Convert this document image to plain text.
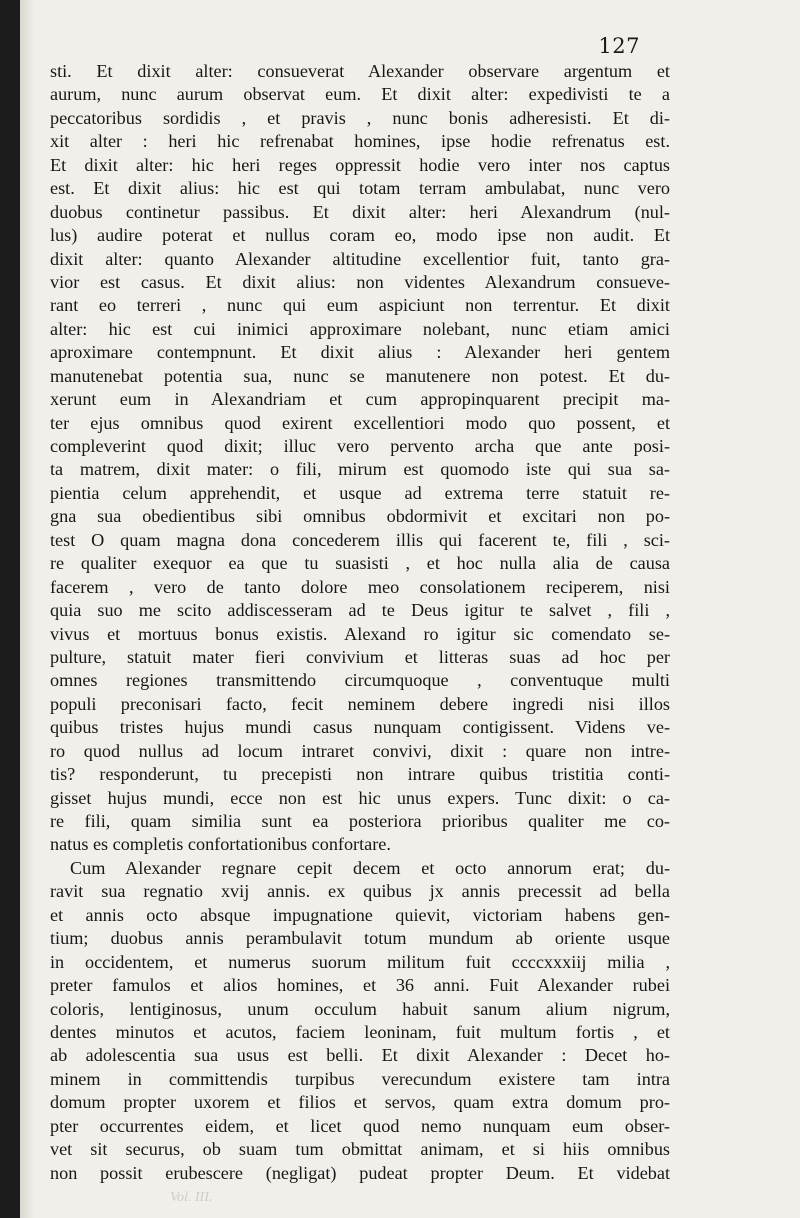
127
sti. Et dixit alter: consueverat Alexander observare argentum et
aurum, nunc aurum observat eum. Et dixit alter: expedivisti te a
peccatoribus sordidis , et pravis , nunc bonis adheresisti. Et di-
xit alter : heri hic refrenabat homines, ipse hodie refrenatus est.
Et dixit alter: hic heri reges oppressit hodie vero inter nos captus
est. Et dixit alius: hic est qui totam terram ambulabat, nunc vero
duobus continetur passibus. Et dixit alter: heri Alexandrum (nul-
lus) audire poterat et nullus coram eo, modo ipse non audit. Et
dixit alter: quanto Alexander altitudine excellentior fuit, tanto gra-
vior est casus. Et dixit alius: non videntes Alexandrum consueve-
rant eo terreri , nunc qui eum aspiciunt non terrentur. Et dixit
alter: hic est cui inimici approximare nolebant, nunc etiam amici
aproximare contempnunt. Et dixit alius : Alexander heri gentem
manutenebat potentia sua, nunc se manutenere non potest. Et du-
xerunt eum in Alexandriam et cum appropinquarent precipit ma-
ter ejus omnibus quod exirent excellentiori modo quo possent, et
compleverint quod dixit; illuc vero pervento archa que ante posi-
ta matrem, dixit mater: o fili, mirum est quomodo iste qui sua sa-
pientia celum apprehendit, et usque ad extrema terre statuit re-
gna sua obedientibus sibi omnibus obdormivit et excitari non po-
test O quam magna dona concederem illis qui facerent te, fili , sci-
re qualiter exequor ea que tu suasisti , et hoc nulla alia de causa
facerem , vero de tanto dolore meo consolationem reciperem, nisi
quia suo me scito addiscesseram ad te Deus igitur te salvet , fili ,
vivus et mortuus bonus existis. Alexand ro igitur sic comendato se-
pulture, statuit mater fieri convivium et litteras suas ad hoc per
omnes regiones transmittendo circumquoque , conventuque multi
populi preconisari facto, fecit neminem debere ingredi nisi illos
quibus tristes hujus mundi casus nunquam contigissent. Videns ve-
ro quod nullus ad locum intraret convivi, dixit : quare non intre-
tis? responderunt, tu precepisti non intrare quibus tristitia conti-
gisset hujus mundi, ecce non est hic unus expers. Tunc dixit: o ca-
re fili, quam similia sunt ea posteriora prioribus qualiter me co-
natus es completis confortationibus confortare.
Cum Alexander regnare cepit decem et octo annorum erat; du-
ravit sua regnatio xvij annis. ex quibus jx annis precessit ad bella
et annis octo absque impugnatione quievit, victoriam habens gen-
tium; duobus annis perambulavit totum mundum ab oriente usque
in occidentem, et numerus suorum militum fuit ccccxxxiij milia ,
preter famulos et alios homines, et 36 anni. Fuit Alexander rubei
coloris, lentiginosus, unum occulum habuit sanum alium nigrum,
dentes minutos et acutos, faciem leoninam, fuit multum fortis , et
ab adolescentia sua usus est belli. Et dixit Alexander : Decet ho-
minem in committendis turpibus verecundum existere tam intra
domum propter uxorem et filios et servos, quam extra domum pro-
pter occurrentes eidem, et licet quod nemo nunquam eum obser-
vet sit securus, ob suam tum obmittat animam, et si hiis omnibus
non possit erubescere (negligat) pudeat propter Deum. Et videbat
Vol. III.
